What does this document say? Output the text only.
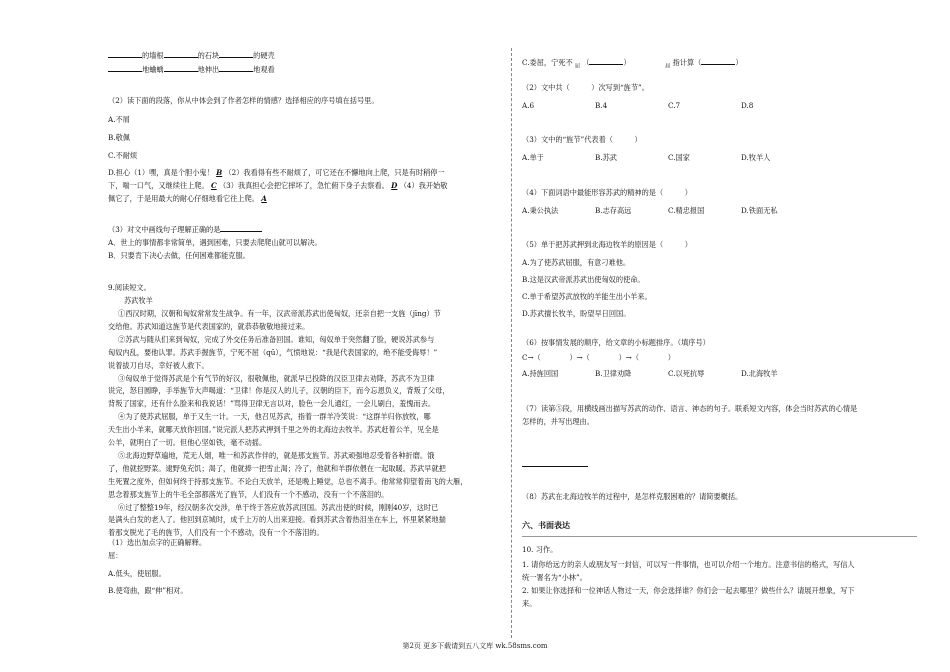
的墙根	的石块	的硬壳
地蛐蝺	地伸出	地观看
（2）读下面的段落，你从中体会到了作者怎样的情感？选择相应的序号填在括号里。
A.不屑
B.敬佩
C.不耐烦
D.担心（1）嘿，真是个胆小鬼！ B （2）我看得有些不耐烦了，可它还在不懈地向上爬，只是有时稍停一
下，喘一口气，又继续往上爬。 C （3）我真担心会把它摔坏了，急忙俯下身子去察看。 D （4）我开始敬
佩它了，于是用最大的耐心仔细地看它往上爬。 A
（3）对文中画线句子理解正确的是
A．世上的事情都非常简单，遇到困难，只要去爬爬山就可以解决。
B．只要肯下决心去做，任何困难都能克服。
9.阅读短文。
苏武牧羊
①西汉时期，汉朝和匈奴常常发生战争。有一年，汉武帝派苏武出使匈奴，还亲自把一支旌（jīng）节
交给他。苏武知道这旌节是代表国家的，就恭恭敬敬地接过来。
②苏武与随从们来到匈奴，完成了外交任务后准备回国。谁知，匈奴单于突然翻了脸，硬说苏武参与
匈奴内乱，要他认罪。苏武手握旌节，宁死不屈（qū），气愤地说：“我是代表国家的，绝不能受侮辱！”
说着拔刀自尽，幸好被人救下。
③匈奴单于觉得苏武是个有气节的好汉，很敬佩他，就派早已投降的汉臣卫律去劝降，苏武不为卫律
说完，怒目圆睁，手举旌节大声喝道：“卫律！你是汉人的儿子，汉朝的臣下，而今忘恩负义，背叛了父母，
背叛了国家，还有什么脸来和我说话！”骂得卫律无言以对，脸色一会儿通红，一会儿刷白，羞愧而去。
④为了使苏武屈服，单于又生一计。一天，他召见苏武，指着一群羊冷笑说：“这群羊归你放牧，哪
天生出小羊来，就哪天放你回国。”说完派人把苏武押到千里之外的北海边去牧羊。苏武赶着公羊，见全是
公羊，就明白了一切。但他心坚如铁，毫不动摇。
⑤北海边野草遍地，荒无人烟，唯一和苏武作伴的，就是那支旌节。苏武顽强地忍受着各种折磨。饿
了，他就挖野菜。逮野兔充饥；渴了，他就捧一把雪止渴；冷了，他就和羊群依偎在一起取暖。苏武早就把
生死置之度外，但如何终于持那支旌节。不论白天放羊，还是晚上睡觉，总也不离手。他常常仰望着南飞的大雁，
思念着那支旌节上的牛毛全部都落光了旌节，人们没有一个不感动，没有一个不落泪的。
⑥过了整整19年，经汉朝多次交涉，单于终于答应放苏武回国。苏武出使的时候，刚刚40岁，这时已
是满头白发的老人了。他回到京城时，成千上万的人出来迎接。看到苏武含着热泪坐在车上，怀里紧紧地揣
着那支脱光了毛的旌节，人们没有一个不感动，没有一个不落泪的。
（1）选出加点字的正确解释。
屈：
A.低头，使屈服。
B.使弯曲，跟“伸”相对。
C.委屈，宁死不 $_屈$ （	）	$_屈$ 指计算（	）
（2）文中共（　　　）次写到“旌节”。
A.6	B.4	C.7	D.8
（3）文中的“旌节”代表着（　　　）
A.单于	B.苏武	C.国家	D.牧羊人
（4）下面词语中最能形容苏武的精神的是（　　　）
A.秉公执法	B.志存高远	C.精忠报国	D.铁面无私
（5）单于把苏武押到北海边牧羊的原因是（　　　）
A.为了使苏武屈服，有意刁难他。
B.这是汉武帝派苏武出使匈奴的使命。
C.单于希望苏武放牧的羊能生出小羊来。
D.苏武擅长牧羊，盼望早日回国。
（6）按事情发展的顺序，给文章的小标题排序。（填序号）
C→（　　　　）→（　　　　）→（　　　　）
A.持旌回国	B.卫律劝降	C.以死抗辱	D.北海牧羊
（7）读第⑤段，用横线画出描写苏武的动作、语言、神态的句子。联系短文内容，体会当时苏武的心情是
怎样的，并写出理由。
（8）苏武在北海边牧羊的过程中，是怎样克服困难的？请简要概括。
六、书面表达
10. 习作。
1. 请你给远方的亲人或朋友写一封信，可以写一件事情，也可以介绍一个地方。注意书信的格式，写信人
统一署名为“小林”。
2. 如果让你选择和一位神话人物过一天，你会选择谁？你们会一起去哪里？做些什么？请展开想象，写下
来。
第2页 更多下载请到五八文库 wk.58sms.com
